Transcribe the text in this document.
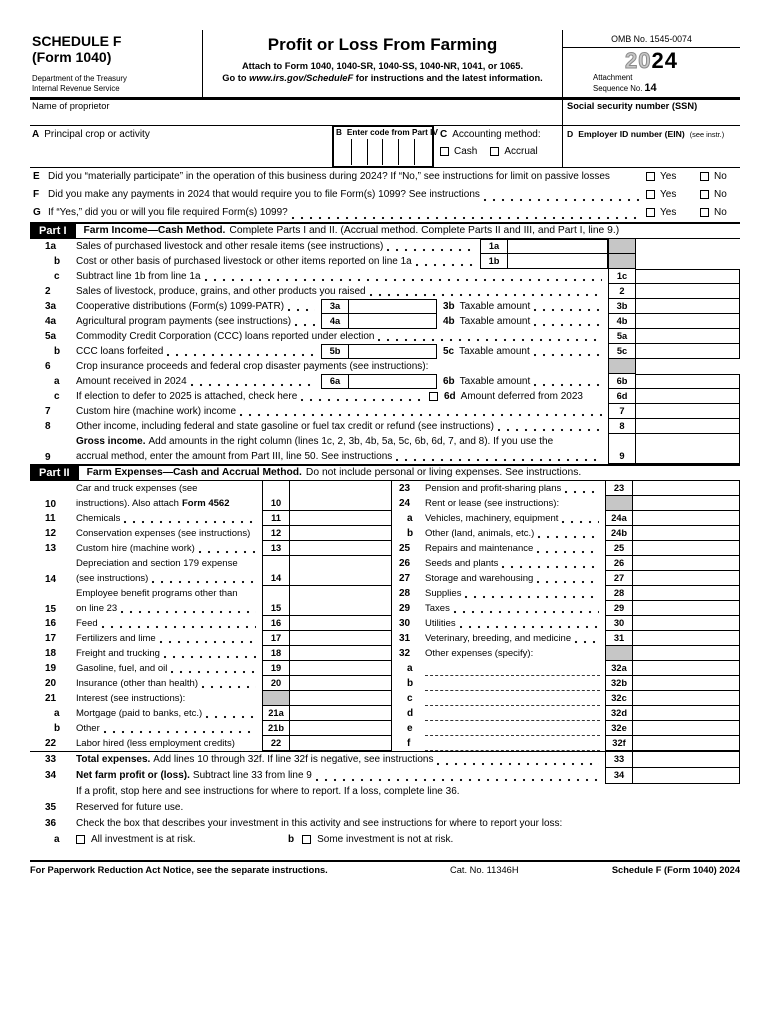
SCHEDULE F
(Form 1040)
Department of the Treasury
Internal Revenue Service
Profit or Loss From Farming
Attach to Form 1040, 1040-SR, 1040-SS, 1040-NR, 1041, or 1065.
Go to www.irs.gov/ScheduleF for instructions and the latest information.
OMB No. 1545-0074
2024
Attachment
Sequence No. 14
Name of proprietor	Social security number (SSN)
A Principal crop or activity	B Enter code from Part IV C Accounting method:
Cash	Accrual
D Employer ID number (EIN) (see instr.)
E Did you “materially participate” in the operation of this business during 2024? If “No,” see instructions for limit on passive losses	Yes	No
F Did you make any payments in 2024 that would require you to file Form(s) 1099? See instructions	Yes	No
G If “Yes,” did you or will you file required Form(s) 1099?	Yes	No
Part I	Farm Income—Cash Method. Complete Parts I and II. (Accrual method. Complete Parts II and III, and Part I, line 9.)
1a	Sales of purchased livestock and other resale items (see instructions)	1a
b	Cost or other basis of purchased livestock or other items reported on line 1a	1b
c	Subtract line 1b from line 1a	1c
2	Sales of livestock, produce, grains, and other products you raised	2
3a	Cooperative distributions (Form(s) 1099-PATR)	3a	3b Taxable amount	3b
4a	Agricultural program payments (see instructions)	4a	4b Taxable amount	4b
5a	Commodity Credit Corporation (CCC) loans reported under election	5a
b	CCC loans forfeited	5b	5c Taxable amount	5c
6	Crop insurance proceeds and federal crop disaster payments (see instructions):
a	Amount received in 2024	6a	6b Taxable amount	6b
c	If election to defer to 2025 is attached, check here	6d Amount deferred from 2023	6d
7	Custom hire (machine work) income	7
8	Other income, including federal and state gasoline or fuel tax credit or refund (see instructions)	8
9
Gross income. Add amounts in the right column (lines 1c, 2, 3b, 4b, 5a, 5c, 6b, 6d, 7, and 8). If you use the
accrual method, enter the amount from Part III, line 50. See instructions	9
Part II	Farm Expenses—Cash and Accrual Method. Do not include personal or living expenses. See instructions.
10
Car and truck expenses (see
instructions). Also attach Form 4562	10
11	Chemicals	11
12	Conservation expenses (see instructions)	12
13	Custom hire (machine work)	13
14
Depreciation and section 179 expense
(see instructions)	14
15
Employee benefit programs other than
on line 23	15
16	Feed	16
17	Fertilizers and lime	17
18	Freight and trucking	18
19	Gasoline, fuel, and oil	19
20	Insurance (other than health)	20
21	Interest (see instructions):
a	Mortgage (paid to banks, etc.)	21a
b	Other	21b
22	Labor hired (less employment credits)	22
23	Pension and profit-sharing plans	23
24	Rent or lease (see instructions):
a	Vehicles, machinery, equipment	24a
b	Other (land, animals, etc.)	24b
25	Repairs and maintenance	25
26	Seeds and plants	26
27	Storage and warehousing	27
28	Supplies	28
29	Taxes	29
30	Utilities	30
31	Veterinary, breeding, and medicine	31
32	Other expenses (specify):
a	32a
b	32b
c	32c
d	32d
e	32e
f	32f
33	Total expenses. Add lines 10 through 32f. If line 32f is negative, see instructions	33
34	Net farm profit or (loss). Subtract line 33 from line 9	34
If a profit, stop here and see instructions for where to report. If a loss, complete line 36.
35	Reserved for future use.
36	Check the box that describes your investment in this activity and see instructions for where to report your loss:
a	All investment is at risk.	b Some investment is not at risk.
For Paperwork Reduction Act Notice, see the separate instructions.	Cat. No. 11346H	Schedule F (Form 1040) 2024
